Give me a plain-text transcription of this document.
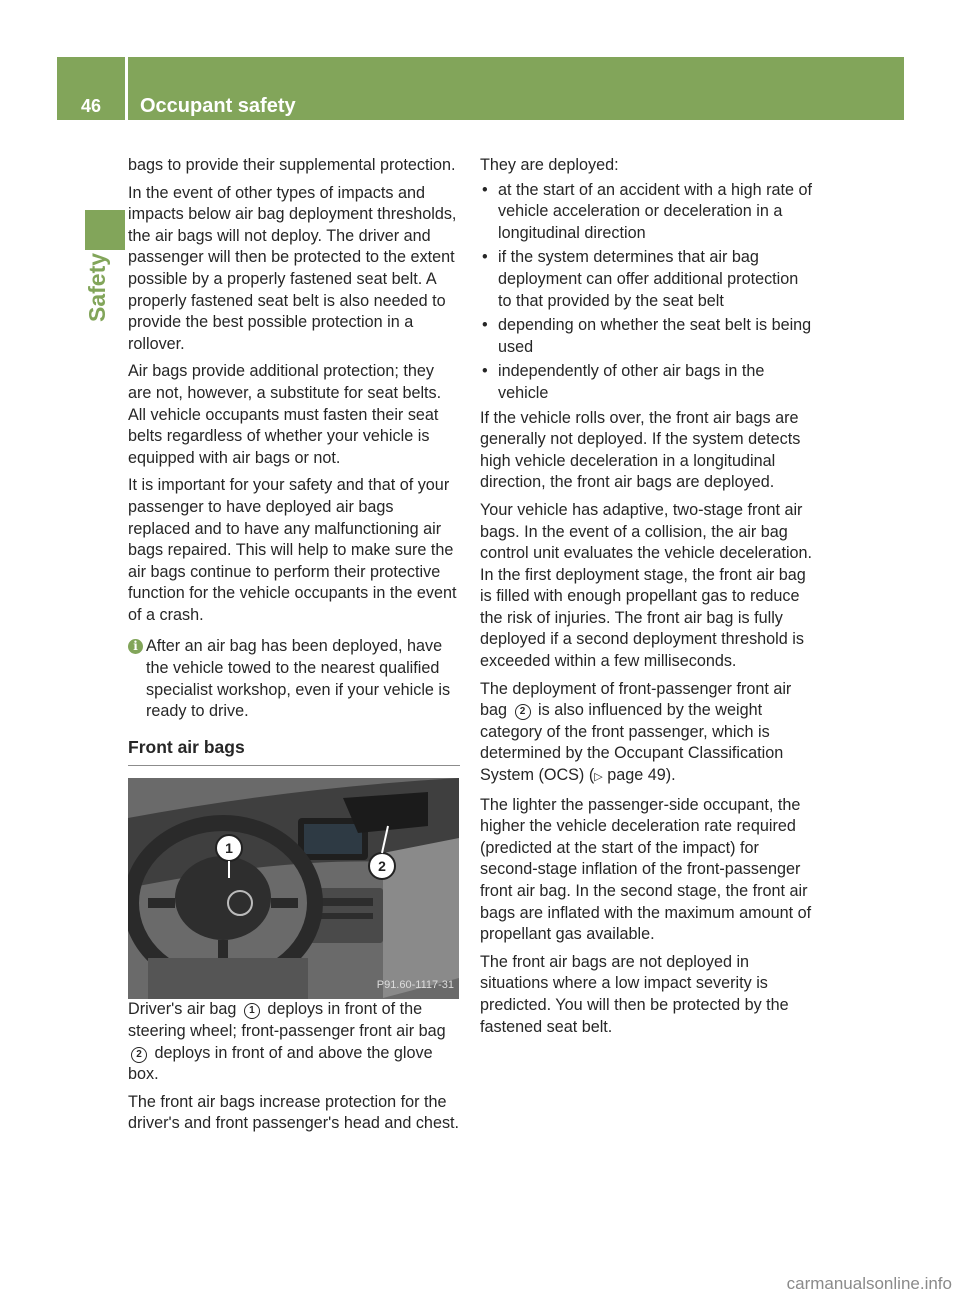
46	Occupant safety
Safety

bags to provide their supplemental protection.

In the event of other types of impacts and impacts below air bag deployment thresholds, the air bags will not deploy. The driver and passenger will then be protected to the extent possible by a properly fastened seat belt. A properly fastened seat belt is also needed to provide the best possible protection in a rollover.

Air bags provide additional protection; they are not, however, a substitute for seat belts. All vehicle occupants must fasten their seat belts regardless of whether your vehicle is equipped with air bags or not.

It is important for your safety and that of your passenger to have deployed air bags replaced and to have any malfunctioning air bags repaired. This will help to make sure the air bags continue to perform their protective function for the vehicle occupants in the event of a crash.

i After an air bag has been deployed, have the vehicle towed to the nearest qualified specialist workshop, even if your vehicle is ready to drive.
Front air bags
1
2
P91.60-1117-31

Driver's air bag 1 deploys in front of the steering wheel; front-passenger front air bag 2 deploys in front of and above the glove box.

The front air bags increase protection for the driver's and front passenger's head and chest.

They are deployed:

• at the start of an accident with a high rate of vehicle acceleration or deceleration in a longitudinal direction
• if the system determines that air bag deployment can offer additional protection to that provided by the seat belt
• depending on whether the seat belt is being used
• independently of other air bags in the vehicle

If the vehicle rolls over, the front air bags are generally not deployed. If the system detects high vehicle deceleration in a longitudinal direction, the front air bags are deployed.

Your vehicle has adaptive, two-stage front air bags. In the event of a collision, the air bag control unit evaluates the vehicle deceleration. In the first deployment stage, the front air bag is filled with enough propellant gas to reduce the risk of injuries. The front air bag is fully deployed if a second deployment threshold is exceeded within a few milliseconds.

The deployment of front-passenger front air bag 2 is also influenced by the weight category of the front passenger, which is determined by the Occupant Classification System (OCS) (▷ page 49).

The lighter the passenger-side occupant, the higher the vehicle deceleration rate required (predicted at the start of the impact) for second-stage inflation of the front-passenger front air bag. In the second stage, the front air bags are inflated with the maximum amount of propellant gas available.

The front air bags are not deployed in situations where a low impact severity is predicted. You will then be protected by the fastened seat belt.

carmanualsonline.info
